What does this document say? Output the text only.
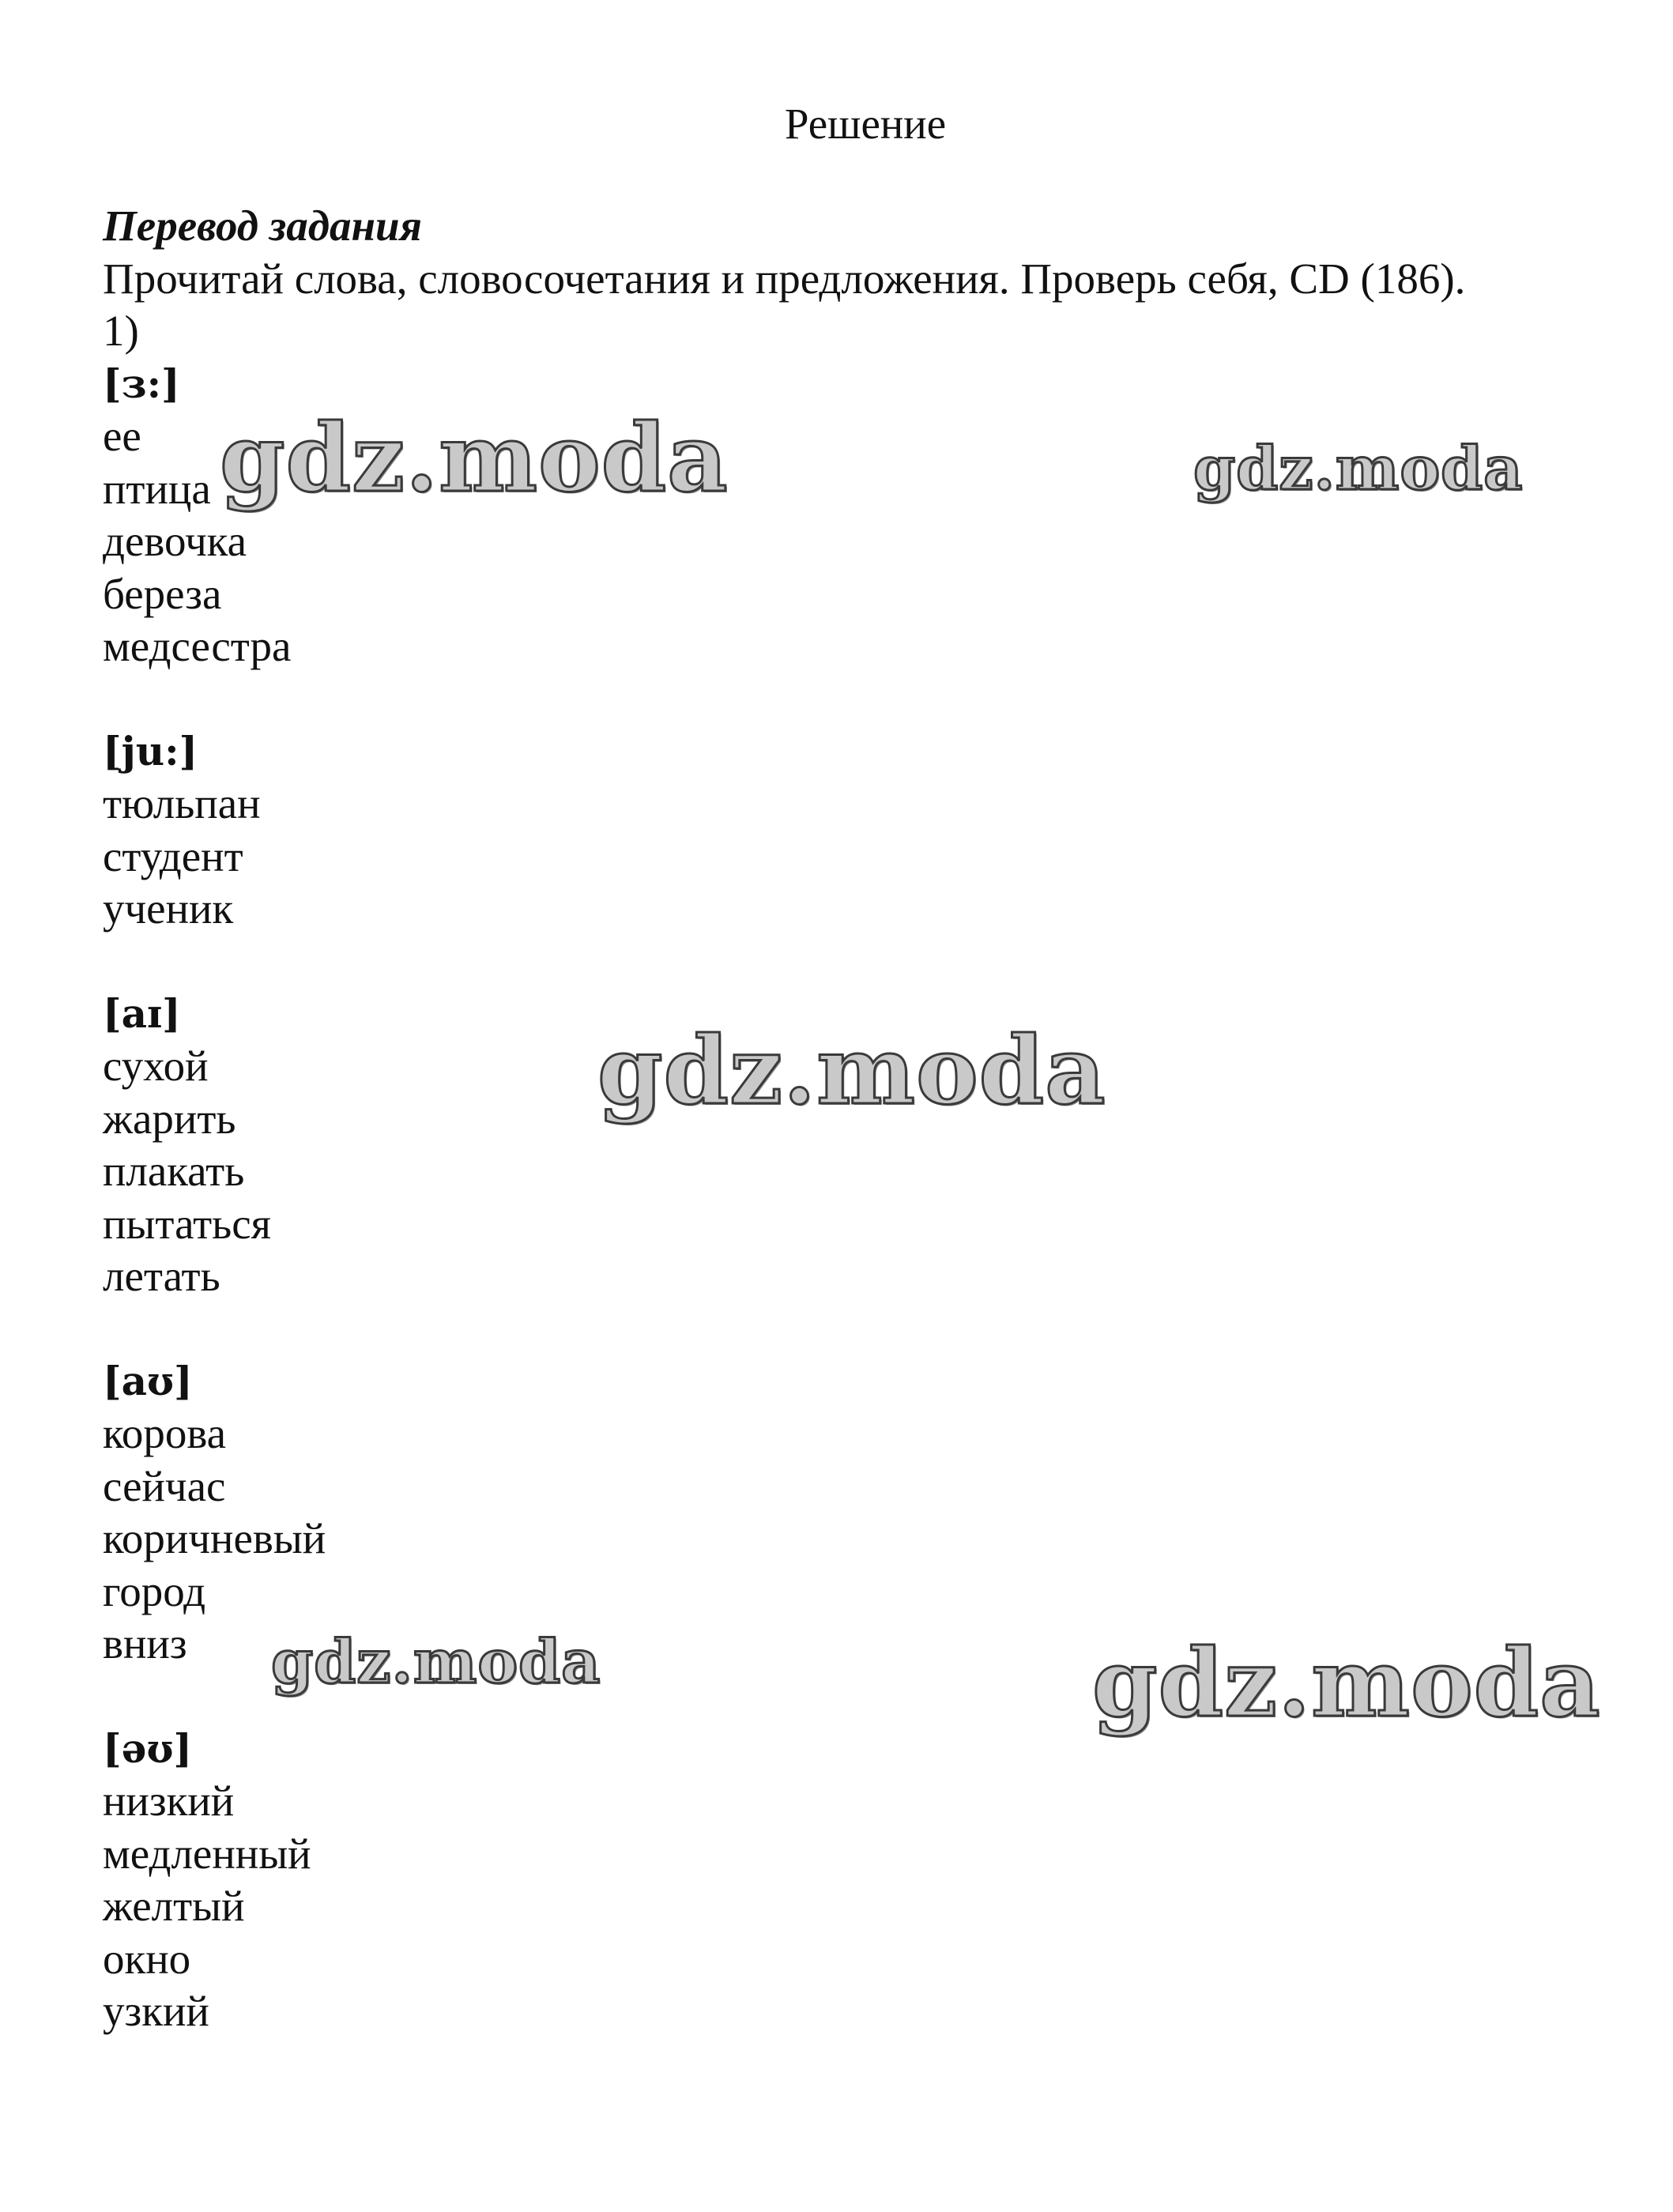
Решение

Перевод задания

Прочитай слова, словосочетания и предложения. Проверь себя, CD (186).

1)

[з:]

ее

птица

девочка

береза

медсестра

[ju:]

тюльпан

студент

ученик

[aɪ]

сухой

жарить

плакать

пытаться

летать

[aʊ]

корова

сейчас

коричневый

город

вниз

[əʊ]

низкий

медленный

желтый

окно

узкий

gdz.moda	gdz.moda
gdz.moda
gdz.moda	gdz.moda
